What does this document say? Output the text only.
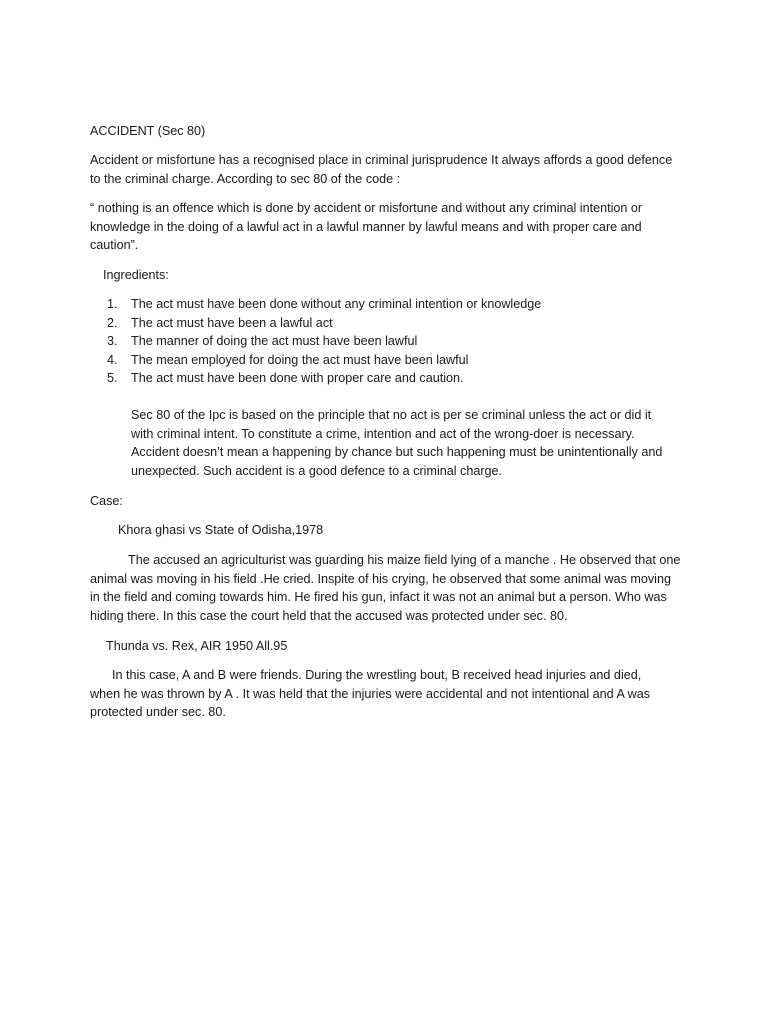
ACCIDENT (Sec 80)

Accident or misfortune has a recognised place in criminal jurisprudence It always affords a good defence
to the criminal charge. According to sec 80 of the code :

“ nothing is an offence which is done by accident or misfortune and without any criminal intention or
knowledge in the doing of a lawful act in a lawful manner by lawful means and with proper care and
caution”.

Ingredients:

1. The act must have been done without any criminal intention or knowledge
2. The act must have been a lawful act
3. The manner of doing the act must have been lawful
4. The mean employed for doing the act must have been lawful
5. The act must have been done with proper care and caution.

Sec 80 of the Ipc is based on the principle that no act is per se criminal unless the act or did it
with criminal intent. To constitute a crime, intention and act of the wrong-doer is necessary.
Accident doesn’t mean a happening by chance but such happening must be unintentionally and
unexpected. Such accident is a good defence to a criminal charge.

Case:

Khora ghasi vs State of Odisha,1978

The accused an agriculturist was guarding his maize field lying of a manche . He observed that one
animal was moving in his field .He cried. Inspite of his crying, he observed that some animal was moving
in the field and coming towards him. He fired his gun, infact it was not an animal but a person. Who was
hiding there. In this case the court held that the accused was protected under sec. 80.

Thunda vs. Rex, AIR 1950 All.95

In this case, A and B were friends. During the wrestling bout, B received head injuries and died,
when he was thrown by A . It was held that the injuries were accidental and not intentional and A was
protected under sec. 80.
